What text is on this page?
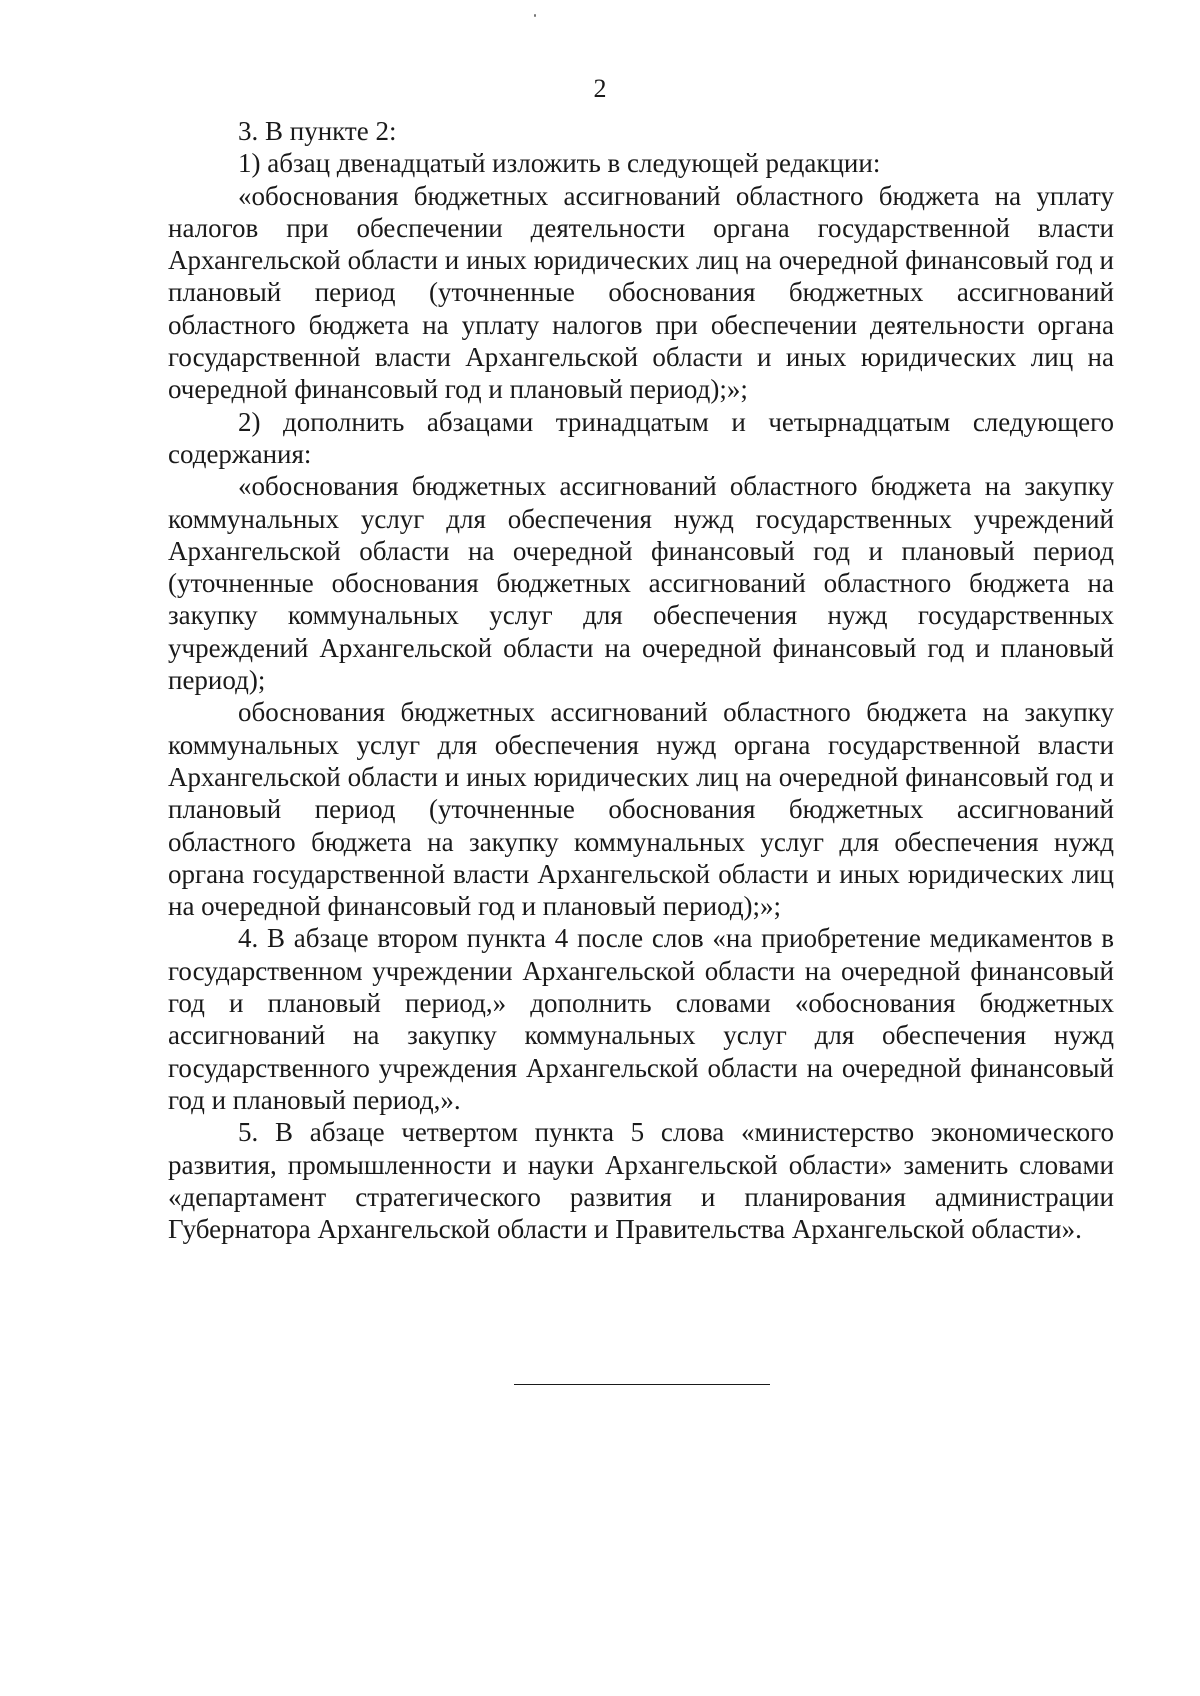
2

3. В пункте 2:

1) абзац двенадцатый изложить в следующей редакции:

«обоснования бюджетных ассигнований областного бюджета на уплату налогов при обеспечении деятельности органа государственной власти Архангельской области и иных юридических лиц на очередной финансовый год и плановый период (уточненные обоснования бюджетных ассигнований областного бюджета на уплату налогов при обеспечении деятельности органа государственной власти Архангельской области и иных юридических лиц на очередной финансовый год и плановый период);»;

2) дополнить абзацами тринадцатым и четырнадцатым следующего содержания:

«обоснования бюджетных ассигнований областного бюджета на закупку коммунальных услуг для обеспечения нужд государственных учреждений Архангельской области на очередной финансовый год и плановый период (уточненные обоснования бюджетных ассигнований областного бюджета на закупку коммунальных услуг для обеспечения нужд государственных учреждений Архангельской области на очередной финансовый год и плановый период);

обоснования бюджетных ассигнований областного бюджета на закупку коммунальных услуг для обеспечения нужд органа государственной власти Архангельской области и иных юридических лиц на очередной финансовый год и плановый период (уточненные обоснования бюджетных ассигнований областного бюджета на закупку коммунальных услуг для обеспечения нужд органа государственной власти Архангельской области и иных юридических лиц на очередной финансовый год и плановый период);»;

4. В абзаце втором пункта 4 после слов «на приобретение медикаментов в государственном учреждении Архангельской области на очередной финансовый год и плановый период,» дополнить словами «обоснования бюджетных ассигнований на закупку коммунальных услуг для обеспечения нужд государственного учреждения Архангельской области на очередной финансовый год и плановый период,».

5. В абзаце четвертом пункта 5 слова «министерство экономического развития, промышленности и науки Архангельской области» заменить словами «департамент стратегического развития и планирования администрации Губернатора Архангельской области и Правительства Архангельской области».
